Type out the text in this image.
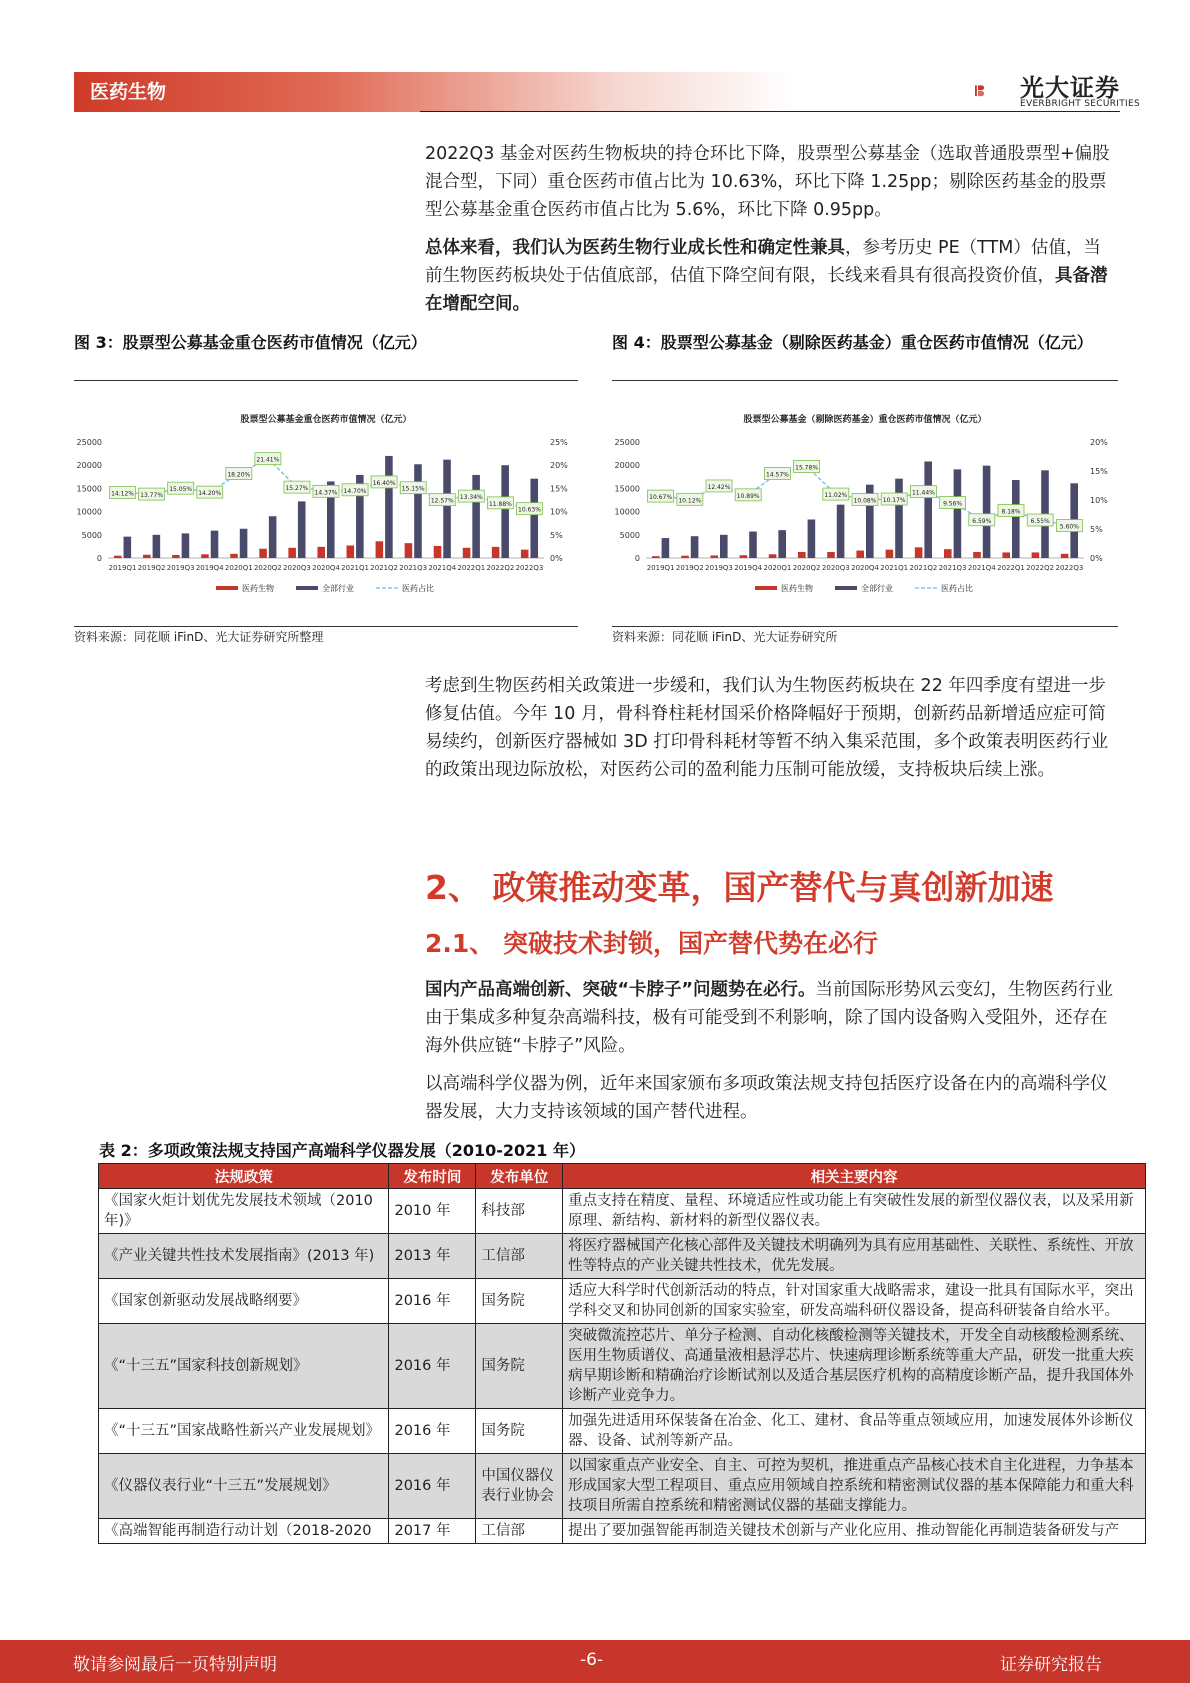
医药生物	光大证券
EVERBRIGHT SECURITIES

2022Q3 基金对医药生物板块的持仓环比下降，股票型公募基金（选取普通股票型+偏股混合型，下同）重仓医药市值占比为 10.63%，环比下降 1.25pp；剔除医药基金的股票型公募基金重仓医药市值占比为 5.6%，环比下降 0.95pp。

总体来看，我们认为医药生物行业成长性和确定性兼具，参考历史 PE（TTM）估值，当前生物医药板块处于估值底部，估值下降空间有限，长线来看具有很高投资价值，具备潜在增配空间。

图 3：股票型公募基金重仓医药市值情况（亿元）
股票型公募基金重仓医药市值情况（亿元）
0
5000
10000
15000
20000
25000
0%
5%
10%
15%
20%
25%
2019Q1 2019Q2 2019Q3 2019Q4 2020Q1 2020Q2 2020Q3 2020Q4 2021Q1 2021Q2 2021Q3 2021Q4 2022Q1 2022Q2 2022Q3
14.12% 13.77%
15.05%
14.20%
18.20%
21.41%
15.27%
14.37% 14.70%
16.40%
15.15%
12.57%
13.34%
11.88%
10.63%
医药生物	全部行业	医药占比
资料来源：同花顺 iFinD、光大证券研究所整理
图 4：股票型公募基金（剔除医药基金）重仓医药市值情况（亿元）
股票型公募基金（剔除医药基金）重仓医药市值情况（亿元）
0
5000
10000
15000
20000
25000
0%
5%
10%
15%
20%
2019Q1 2019Q2 2019Q3 2019Q4 2020Q1 2020Q2 2020Q3 2020Q4 2021Q1 2021Q2 2021Q3 2021Q4 2022Q1 2022Q2 2022Q3
10.67% 10.12%
12.42%
10.89%
14.57%
15.78%
11.02%
10.08% 10.17%
11.44%
9.56%
6.59%
8.18%
6.55%
5.60%
医药生物	全部行业	医药占比
资料来源：同花顺 iFinD、光大证券研究所

考虑到生物医药相关政策进一步缓和，我们认为生物医药板块在 22 年四季度有望进一步修复估值。今年 10 月，骨科脊柱耗材国采价格降幅好于预期，创新药品新增适应症可简易续约，创新医疗器械如 3D 打印骨科耗材等暂不纳入集采范围，多个政策表明医药行业的政策出现边际放松，对医药公司的盈利能力压制可能放缓，支持板块后续上涨。

2、 政策推动变革，国产替代与真创新加速
2.1、 突破技术封锁，国产替代势在必行

国内产品高端创新、突破“卡脖子”问题势在必行。当前国际形势风云变幻，生物医药行业由于集成多种复杂高端科技，极有可能受到不利影响，除了国内设备购入受阻外，还存在海外供应链“卡脖子”风险。

以高端科学仪器为例，近年来国家颁布多项政策法规支持包括医疗设备在内的高端科学仪器发展，大力支持该领域的国产替代进程。

表 2：多项政策法规支持国产高端科学仪器发展（2010-2021 年）
法规政策	发布时间	发布单位	相关主要内容
《国家火炬计划优先发展技术领域（2010 年)》	2010 年	科技部	重点支持在精度、量程、环境适应性或功能上有突破性发展的新型仪器仪表，以及采用新原理、新结构、新材料的新型仪器仪表。
《产业关键共性技术发展指南》(2013 年)	2013 年	工信部	将医疗器械国产化核心部件及关键技术明确列为具有应用基础性、关联性、系统性、开放性等特点的产业关键共性技术，优先发展。
《国家创新驱动发展战略纲要》	2016 年	国务院	适应大科学时代创新活动的特点，针对国家重大战略需求，建设一批具有国际水平，突出学科交叉和协同创新的国家实验室，研发高端科研仪器设备，提高科研装备自给水平。
《“十三五”国家科技创新规划》	2016 年	国务院	突破微流控芯片、单分子检测、自动化核酸检测等关键技术，开发全自动核酸检测系统、医用生物质谱仪、高通量液相悬浮芯片、快速病理诊断系统等重大产品，研发一批重大疾病早期诊断和精确治疗诊断试剂以及适合基层医疗机构的高精度诊断产品，提升我国体外诊断产业竞争力。
《“十三五”国家战略性新兴产业发展规划》	2016 年	国务院	加强先进适用环保装备在冶金、化工、建材、食品等重点领域应用，加速发展体外诊断仪器、设备、试剂等新产品。
《仪器仪表行业“十三五”发展规划》	2016 年	中国仪器仪表行业协会	以国家重点产业安全、自主、可控为契机，推进重点产品核心技术自主化进程，力争基本形成国家大型工程项目、重点应用领域自控系统和精密测试仪器的基本保障能力和重大科技项目所需自控系统和精密测试仪器的基础支撑能力。
《高端智能再制造行动计划（2018-2020	2017 年	工信部	提出了要加强智能再制造关键技术创新与产业化应用、推动智能化再制造装备研发与产
敬请参阅最后一页特别声明	-6-	证券研究报告
